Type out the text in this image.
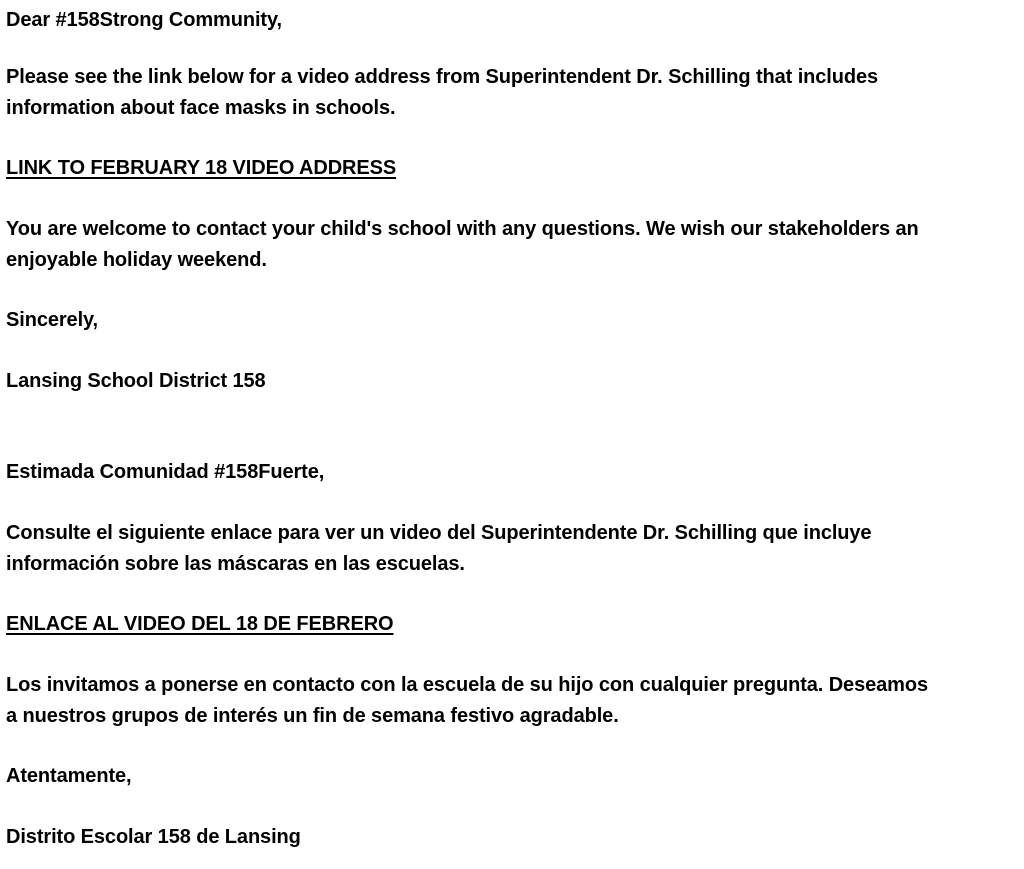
Dear #158Strong Community,

Please see the link below for a video address from Superintendent Dr. Schilling that includes
information about face masks in schools.

LINK TO FEBRUARY 18 VIDEO ADDRESS

You are welcome to contact your child's school with any questions. We wish our stakeholders an
enjoyable holiday weekend.

Sincerely,

Lansing School District 158

Estimada Comunidad #158Fuerte,

Consulte el siguiente enlace para ver un video del Superintendente Dr. Schilling que incluye
información sobre las máscaras en las escuelas.

ENLACE AL VIDEO DEL 18 DE FEBRERO

Los invitamos a ponerse en contacto con la escuela de su hijo con cualquier pregunta. Deseamos
a nuestros grupos de interés un fin de semana festivo agradable.

Atentamente,

Distrito Escolar 158 de Lansing
